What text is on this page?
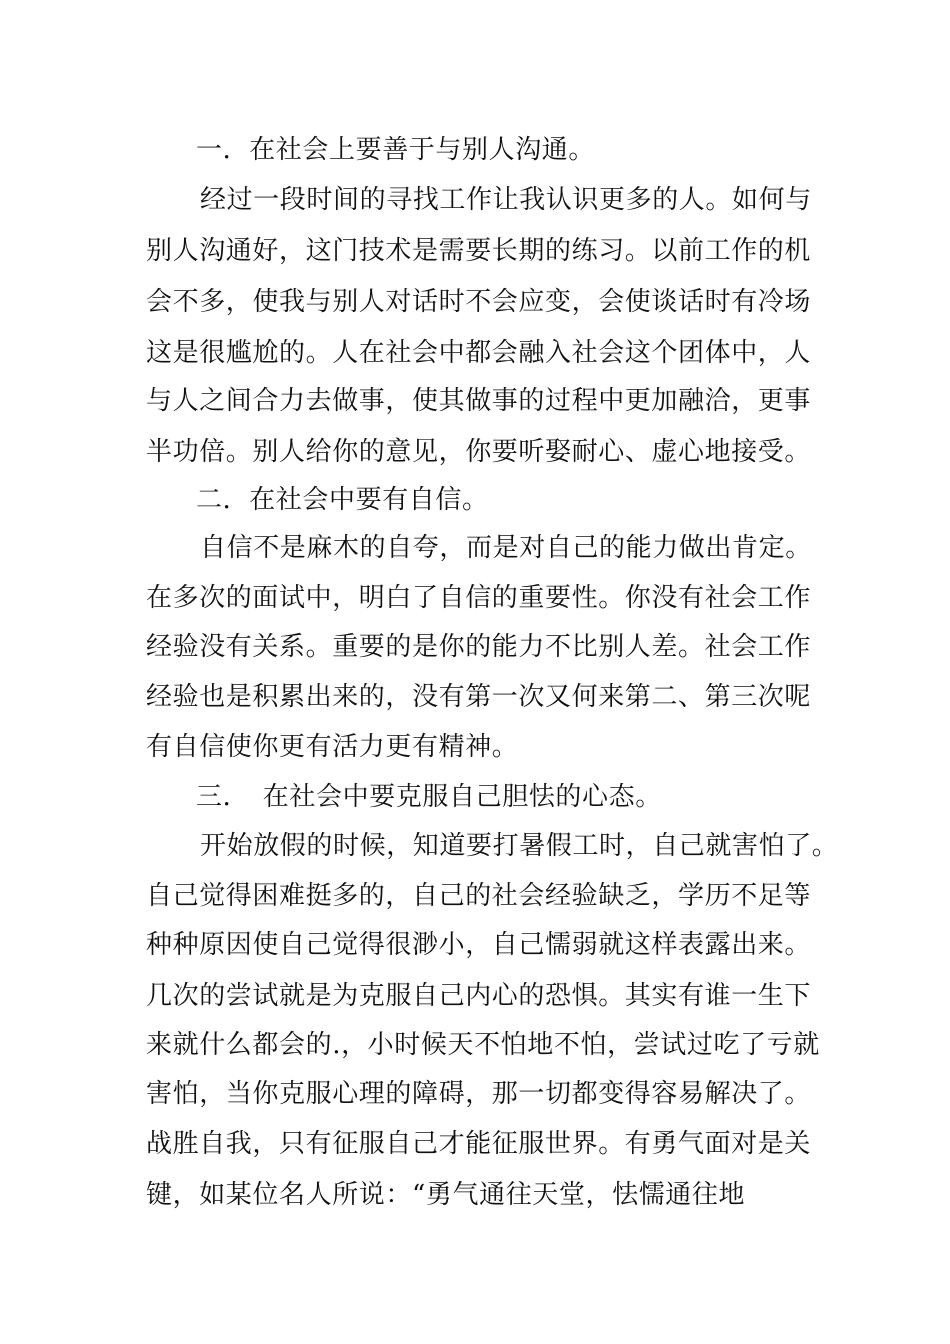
一．在社会上要善于与别人沟通。
经过一段时间的寻找工作让我认识更多的人。如何与
别人沟通好，这门技术是需要长期的练习。以前工作的机
会不多，使我与别人对话时不会应变，会使谈话时有冷场
这是很尴尬的。人在社会中都会融入社会这个团体中，人
与人之间合力去做事，使其做事的过程中更加融洽，更事
半功倍。别人给你的意见，你要听娶耐心、虚心地接受。
二．在社会中要有自信。
自信不是麻木的自夸，而是对自己的能力做出肯定。
在多次的面试中，明白了自信的重要性。你没有社会工作
经验没有关系。重要的是你的能力不比别人差。社会工作
经验也是积累出来的，没有第一次又何来第二、第三次呢
有自信使你更有活力更有精神。
三．　在社会中要克服自己胆怯的心态。
开始放假的时候，知道要打暑假工时，自己就害怕了。
自己觉得困难挺多的，自己的社会经验缺乏，学历不足等
种种原因使自己觉得很渺小，自己懦弱就这样表露出来。
几次的尝试就是为克服自己内心的恐惧。其实有谁一生下
来就什么都会的.，小时候天不怕地不怕，尝试过吃了亏就
害怕，当你克服心理的障碍，那一切都变得容易解决了。
战胜自我，只有征服自己才能征服世界。有勇气面对是关
键，如某位名人所说：“勇气通往天堂，怯懦通往地
